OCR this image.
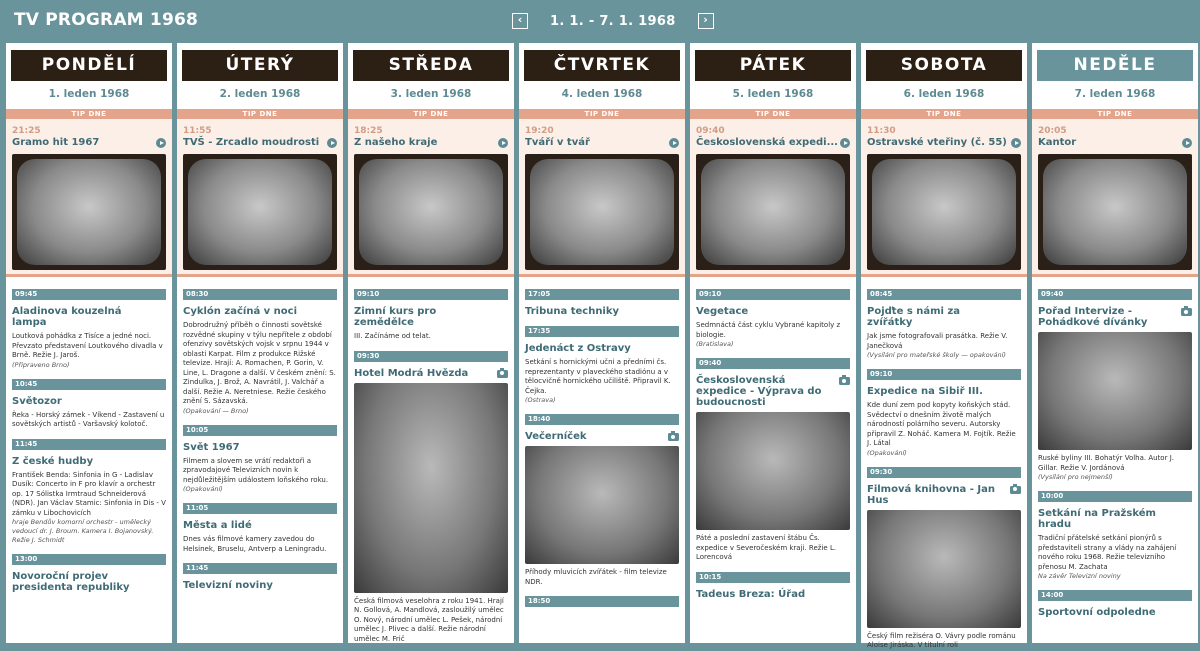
TV PROGRAM 1968	‹	1. 1. - 7. 1. 1968	›
PONDĚLÍ
1. leden 1968
TIP DNE
21:25
Gramo hit 1967
09:45
Aladinova kouzelná lampa
Loutková pohádka z Tisíce a jedné noci. Převzato představení Loutkového divadla v Brně. Režie J. Jaroš.
(Připraveno Brno)
10:45
Světozor
Řeka - Horský zámek - Víkend - Zastavení u sovětských artistů - Varšavský kolotoč.
11:45
Z české hudby
František Benda: Sinfonia in G - Ladislav Dusík: Concerto in F pro klavír a orchestr op. 17 Sólistka Irmtraud Schneiderová (NDR). Jan Václav Stamic: Sinfonia in Dis - V zámku v Libochovicích
hraje Bendův komorní orchestr - umělecký vedoucí dr. J. Broum. Kamera I. Bojanovský. Režie J. Schmidt
13:00
Novoroční projev presidenta republiky
ÚTERÝ
2. leden 1968
TIP DNE
11:55
TVŠ - Zrcadlo moudrosti
08:30
Cyklón začíná v noci
Dobrodružný příběh o činnosti sovětské rozvědné skupiny v týlu nepřítele z období ofenzivy sovětských vojsk v srpnu 1944 v oblasti Karpat. Film z produkce Rižské televize. Hrají: A. Romachen, P. Gorin, V. Line, L. Dragone a další. V českém znění: S. Zindulka, J. Brož, A. Navrátil, J. Valchář a další. Režie A. Neretniese. Režie českého znění S. Sázavská.
(Opakování — Brno)
10:05
Svět 1967
Filmem a slovem se vrátí redaktoři a zpravodajové Televizních novin k nejdůležitějším událostem loňského roku.
(Opakování)
11:05
Města a lidé
Dnes vás filmové kamery zavedou do Helsinek, Bruselu, Antverp a Leningradu.
11:45
Televizní noviny
STŘEDA
3. leden 1968
TIP DNE
18:25
Z našeho kraje
09:10
Zimní kurs pro zemědělce
III. Začínáme od telat.
09:30
Hotel Modrá Hvězda
Česká filmová veselohra z roku 1941. Hrají N. Gollová, A. Mandlová, zasloužilý umělec O. Nový, národní umělec L. Pešek, národní umělec J. Plivec a další. Režie národní umělec M. Frič
ČTVRTEK
4. leden 1968
TIP DNE
19:20
Tváří v tvář
17:05
Tribuna techniky
17:35
Jedenáct z Ostravy
Setkání s hornickými učni a předními čs. reprezentanty v plaveckého stadiónu a v tělocvičně hornického učiliště. Připravil K. Čejka.
(Ostrava)
18:40
Večerníček
Příhody mluvicích zvířátek - film televize NDR.
18:50
PÁTEK
5. leden 1968
TIP DNE
09:40
Československá expedi...
09:10
Vegetace
Sedmnáctá část cyklu Vybrané kapitoly z biologie.
(Bratislava)
09:40
Československá expedice - Výprava do budoucnosti
Páté a poslední zastavení štábu Čs. expedice v Severočeském kraji. Režie L. Lorencová
10:15
Tadeus Breza: Úřad
SOBOTA
6. leden 1968
TIP DNE
11:30
Ostravské vteřiny (č. 55)
08:45
Pojďte s námi za zvířátky
Jak jsme fotografovali prasátka. Režie V. Janečková
(Vysílání pro mateřské školy — opakování)
09:10
Expedice na Sibiř III.
Kde duní zem pod kopyty koňských stád. Svědectví o dnešním životě malých národností polárního severu. Autorsky připravil Z. Noháč. Kamera M. Fojtík. Režie J. Látal
(Opakování)
09:30
Filmová knihovna - Jan Hus
Český film režiséra O. Vávry podle románu Aloise Jiráska. V titulní roli
NEDĚLE
7. leden 1968
TIP DNE
20:05
Kantor
09:40
Pořad Intervize - Pohádkové dívánky
Ruské byliny III. Bohatýr Volha. Autor J. Gillar. Režie V. Jordánová
(Vysílání pro nejmenší)
10:00
Setkání na Pražském hradu
Tradiční přátelské setkání pionýrů s představiteli strany a vlády na zahájení nového roku 1968. Režie televizního přenosu M. Zachata
Na závěr Televizní noviny
14:00
Sportovní odpoledne
